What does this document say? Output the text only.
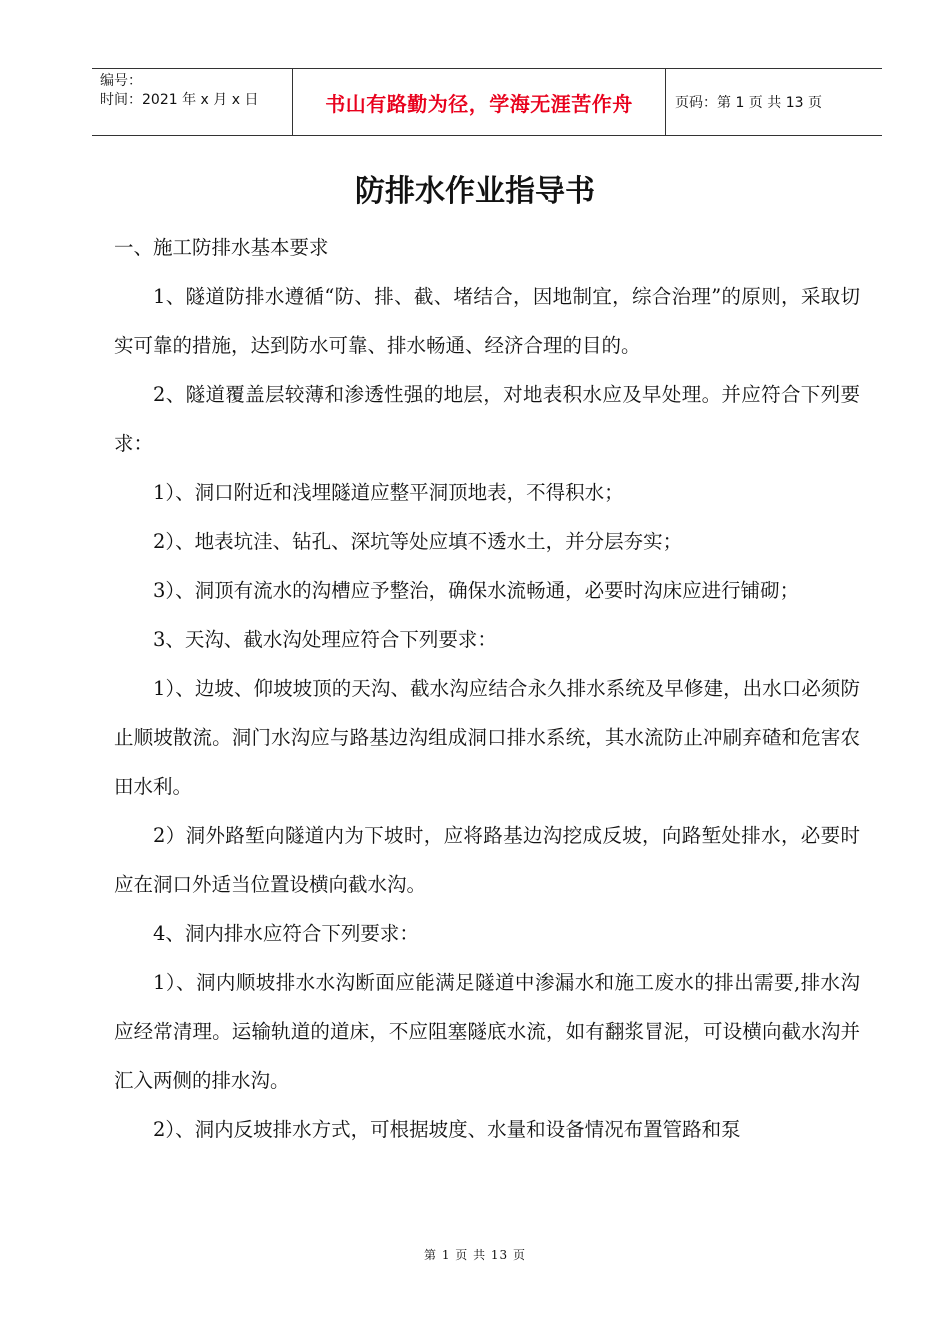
编号：
时间：2021 年 x 月 x 日	书山有路勤为径，学海无涯苦作舟	页码：第 1 页 共 13 页
防排水作业指导书

一、施工防排水基本要求

1、隧道防排水遵循“防、排、截、堵结合，因地制宜，综合治理”的原则，采取切实可靠的措施，达到防水可靠、排水畅通、经济合理的目的。

2、隧道覆盖层较薄和渗透性强的地层，对地表积水应及早处理。并应符合下列要求：

1）、洞口附近和浅埋隧道应整平洞顶地表，不得积水；

2）、地表坑洼、钻孔、深坑等处应填不透水土，并分层夯实；

3）、洞顶有流水的沟槽应予整治，确保水流畅通，必要时沟床应进行铺砌；

3、天沟、截水沟处理应符合下列要求：

1）、边坡、仰坡坡顶的天沟、截水沟应结合永久排水系统及早修建，出水口必须防止顺坡散流。洞门水沟应与路基边沟组成洞口排水系统，其水流防止冲刷弃碴和危害农田水利。

2）洞外路堑向隧道内为下坡时，应将路基边沟挖成反坡，向路堑处排水，必要时应在洞口外适当位置设横向截水沟。

4、洞内排水应符合下列要求：

1）、洞内顺坡排水水沟断面应能满足隧道中渗漏水和施工废水的排出需要,排水沟应经常清理。运输轨道的道床，不应阻塞隧底水流，如有翻浆冒泥，可设横向截水沟并汇入两侧的排水沟。

2）、洞内反坡排水方式，可根据坡度、水量和设备情况布置管路和泵

第 1 页 共 13 页
